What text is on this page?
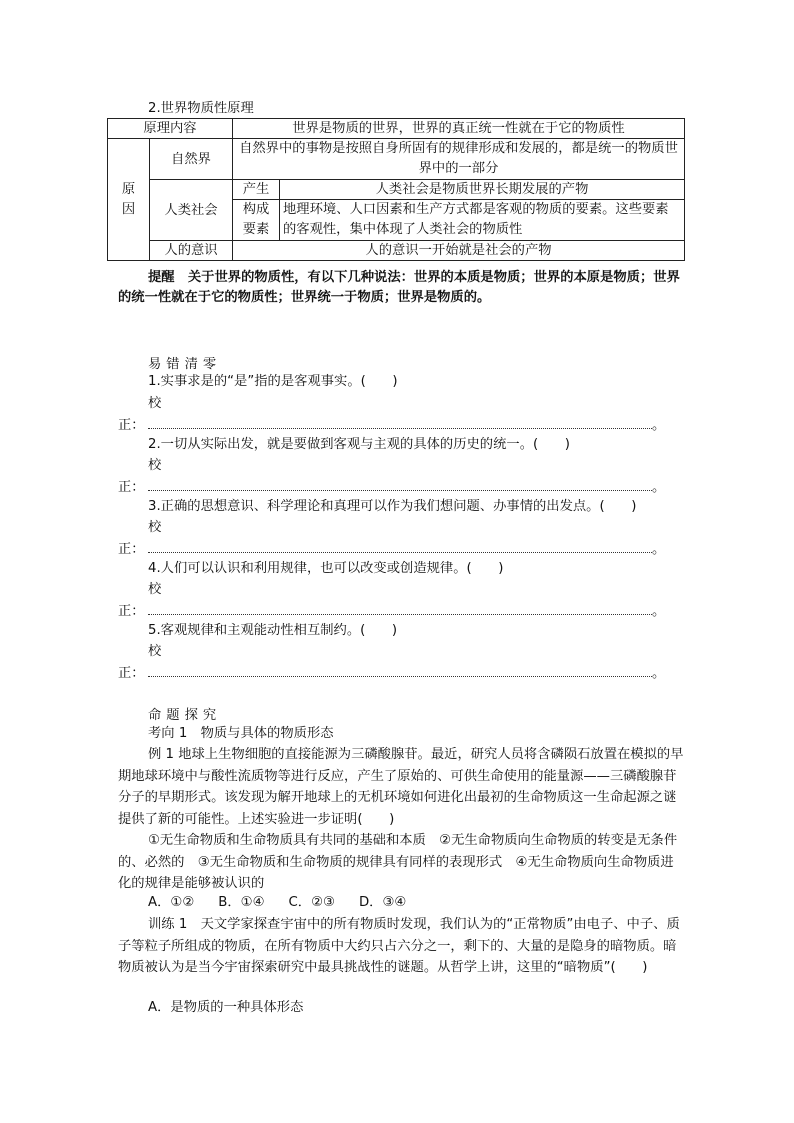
2.世界物质性原理
原理内容		世界是物质的世界，世界的真正统一性就在于它的物质性	
原因	自然界	自然界中的事物是按照自身所固有的规律形成和发展的，都是统一的物质世界中的一部分	
	人类社会	产生	人类社会是物质世界长期发展的产物
		构成要素	地理环境、人口因素和生产方式都是客观的物质的要素。这些要素的客观性，集中体现了人类社会的物质性
	人的意识	人的意识一开始就是社会的产物	
提醒　 关于世界的物质性，有以下几种说法：世界的本质是物质；世界的本原是物质；世界的统一性就在于它的物质性；世界统一于物质；世界是物质的。
易错清零
1.实事求是的“是”指的是客观事实。(　　)
校
正：	。
2.一切从实际出发，就是要做到客观与主观的具体的历史的统一。(　　)
校
正：	。
3.正确的思想意识、科学理论和真理可以作为我们想问题、办事情的出发点。(　　)
校
正：	。
4.人们可以认识和利用规律，也可以改变或创造规律。(　　)
校
正：	。
5.客观规律和主观能动性相互制约。(　　)
校
正：	。
命题探究
考向 1　物质与具体的物质形态
例 1 地球上生物细胞的直接能源为三磷酸腺苷。最近，研究人员将含磷陨石放置在模拟的早期地球环境中与酸性流质物等进行反应，产生了原始的、可供生命使用的能量源——三磷酸腺苷分子的早期形式。该发现为解开地球上的无机环境如何进化出最初的生命物质这一生命起源之谜提供了新的可能性。上述实验进一步证明(　　)
①无生命物质和生命物质具有共同的基础和本质　②无生命物质向生命物质的转变是无条件的、必然的　③无生命物质和生命物质的规律具有同样的表现形式　④无生命物质向生命物质进化的规律是能够被认识的
A．①② B．①④ C．②③ D．③④
训练 1　天文学家探查宇宙中的所有物质时发现，我们认为的“正常物质”由电子、中子、质子等粒子所组成的物质，在所有物质中大约只占六分之一，剩下的、大量的是隐身的暗物质。暗物质被认为是当今宇宙探索研究中最具挑战性的谜题。从哲学上讲，这里的“暗物质”(　　)
A．是物质的一种具体形态
